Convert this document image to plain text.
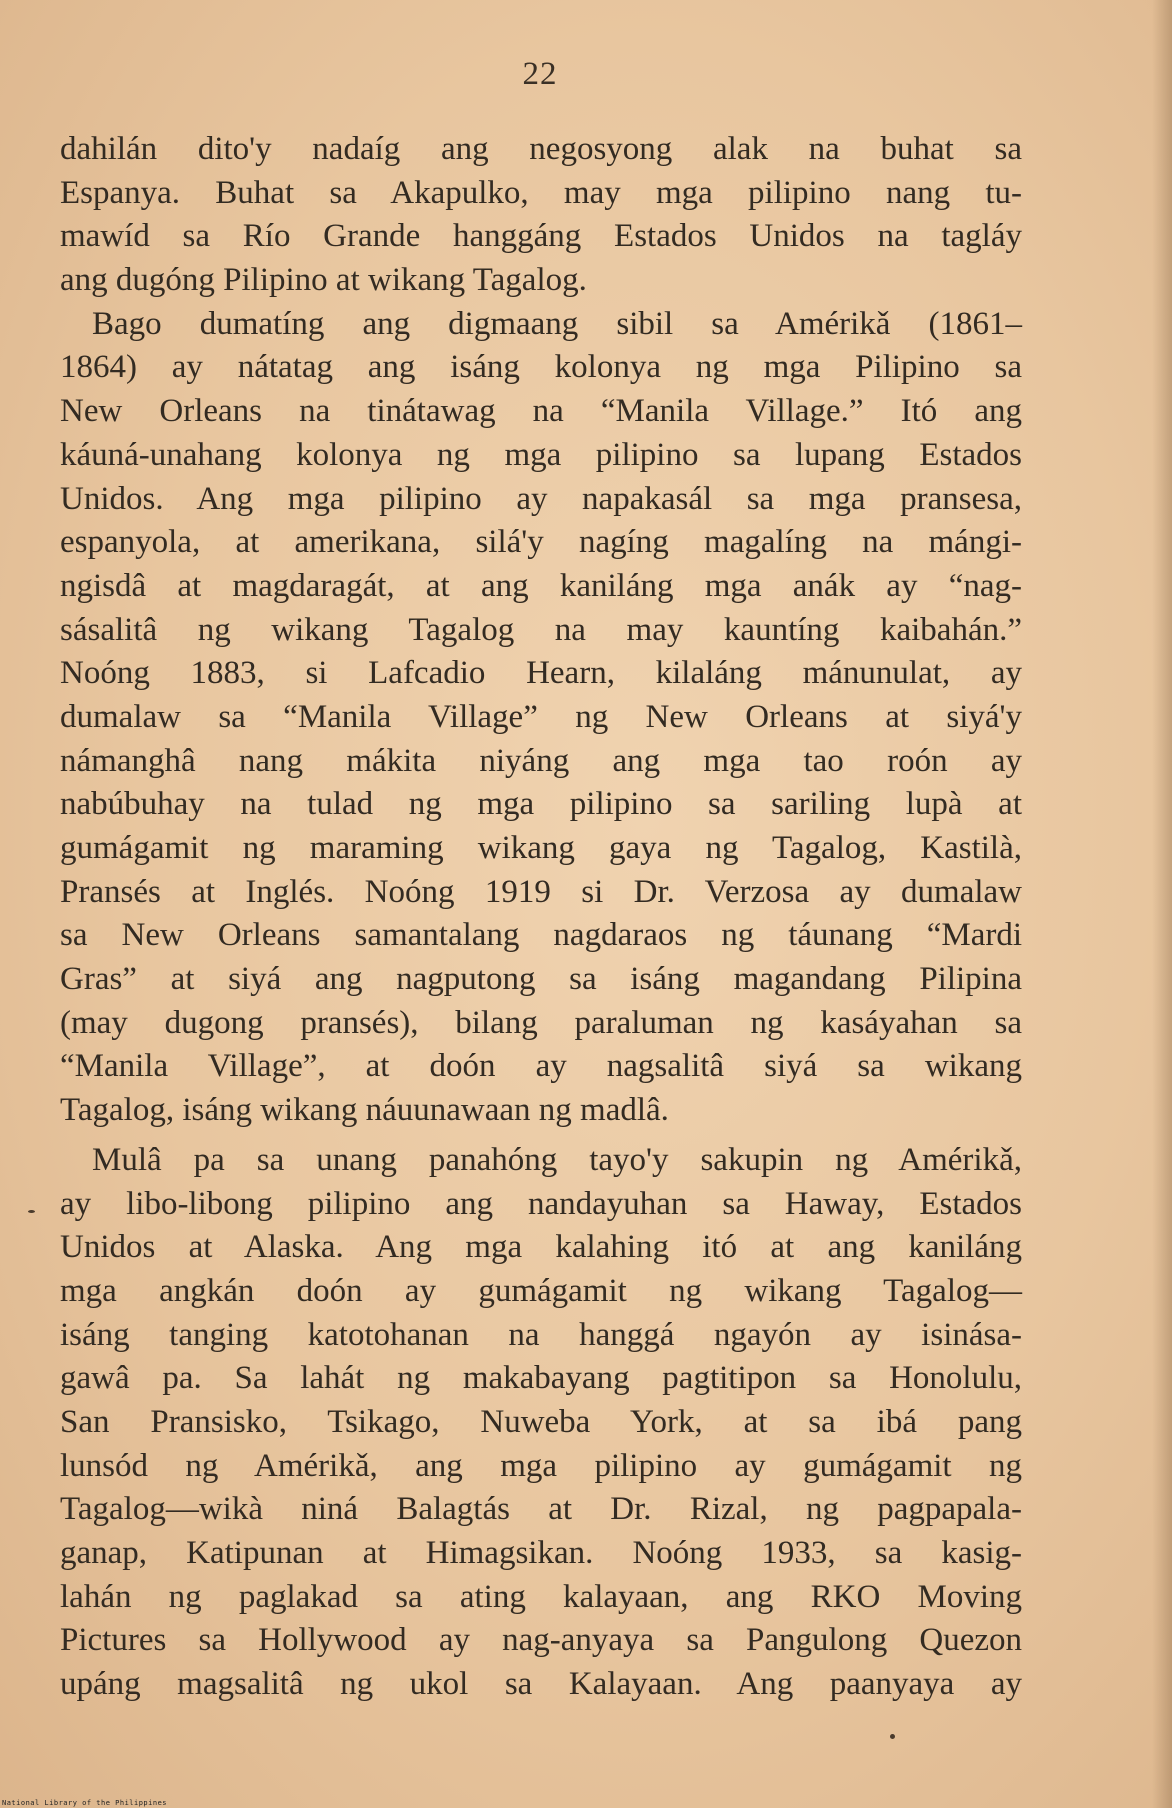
22
dahilán dito'y nadaíg ang negosyong alak na buhat sa
Espanya. Buhat sa Akapulko, may mga pilipino nang tu-
mawíd sa Río Grande hanggáng Estados Unidos na tagláy
ang dugóng Pilipino at wikang Tagalog.
Bago dumatíng ang digmaang sibil sa Amérikǎ (1861–
1864) ay nátatag ang isáng kolonya ng mga Pilipino sa
New Orleans na tinátawag na “Manila Village.” Itó ang
káuná-unahang kolonya ng mga pilipino sa lupang Estados
Unidos. Ang mga pilipino ay napakasál sa mga pransesa,
espanyola, at amerikana, silá'y nagíng magalíng na mángi-
ngisdâ at magdaragát, at ang kaniláng mga anák ay “nag-
sásalitâ ng wikang Tagalog na may kauntíng kaibahán.”
Noóng 1883, si Lafcadio Hearn, kilaláng mánunulat, ay
dumalaw sa “Manila Village” ng New Orleans at siyá'y
námanghâ nang mákita niyáng ang mga tao roón ay
nabúbuhay na tulad ng mga pilipino sa sariling lupà at
gumágamit ng maraming wikang gaya ng Tagalog, Kastilà,
Pransés at Inglés. Noóng 1919 si Dr. Verzosa ay dumalaw
sa New Orleans samantalang nagdaraos ng táunang “Mardi
Gras” at siyá ang nagputong sa isáng magandang Pilipina
(may dugong pransés), bilang paraluman ng kasáyahan sa
“Manila Village”, at doón ay nagsalitâ siyá sa wikang
Tagalog, isáng wikang náuunawaan ng madlâ.
Mulâ pa sa unang panahóng tayo'y sakupin ng Amérikǎ,
ay libo-libong pilipino ang nandayuhan sa Haway, Estados
Unidos at Alaska. Ang mga kalahing itó at ang kaniláng
mga angkán doón ay gumágamit ng wikang Tagalog—
isáng tanging katotohanan na hanggá ngayón ay isinása-
gawâ pa. Sa lahát ng makabayang pagtitipon sa Honolulu,
San Pransisko, Tsikago, Nuweba York, at sa ibá pang
lunsód ng Amérikǎ, ang mga pilipino ay gumágamit ng
Tagalog—wikà niná Balagtás at Dr. Rizal, ng pagpapala-
ganap, Katipunan at Himagsikan. Noóng 1933, sa kasig-
lahán ng paglakad sa ating kalayaan, ang RKO Moving
Pictures sa Hollywood ay nag-anyaya sa Pangulong Quezon
upáng magsalitâ ng ukol sa Kalayaan. Ang paanyaya ay
National Library of the Philippines
